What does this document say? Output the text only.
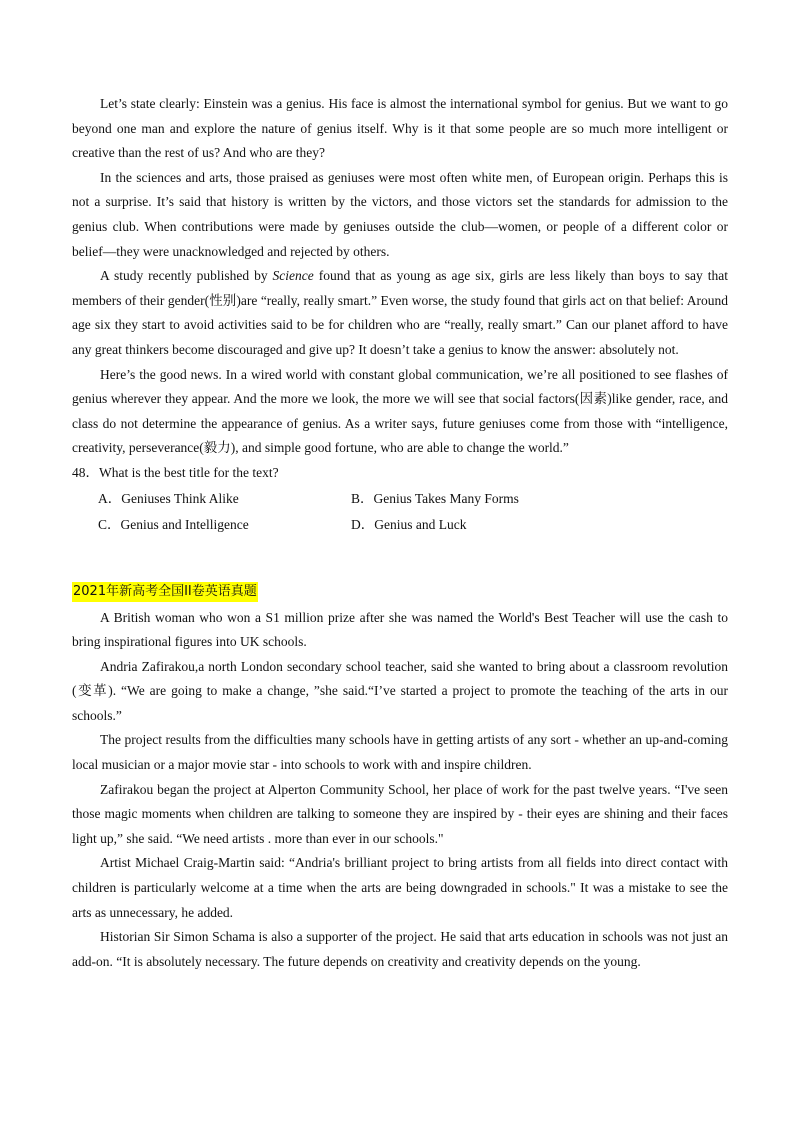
Let’s state clearly: Einstein was a genius. His face is almost the international symbol for genius. But we want to go beyond one man and explore the nature of genius itself. Why is it that some people are so much more intelligent or creative than the rest of us? And who are they?

In the sciences and arts, those praised as geniuses were most often white men, of European origin. Perhaps this is not a surprise. It’s said that history is written by the victors, and those victors set the standards for admission to the genius club. When contributions were made by geniuses outside the club—women, or people of a different color or belief—they were unacknowledged and rejected by others.

A study recently published by Science found that as young as age six, girls are less likely than boys to say that members of their gender(性别)are “really, really smart.” Even worse, the study found that girls act on that belief: Around age six they start to avoid activities said to be for children who are “really, really smart.” Can our planet afford to have any great thinkers become discouraged and give up? It doesn’t take a genius to know the answer: absolutely not.

Here’s the good news. In a wired world with constant global communication, we’re all positioned to see flashes of genius wherever they appear. And the more we look, the more we will see that social factors(因素)like gender, race, and class do not determine the appearance of genius. As a writer says, future geniuses come from those with “intelligence, creativity, perseverance(毅力), and simple good fortune, who are able to change the world.”

48．What is the best title for the text?

A．Geniuses Think Alike	B．Genius Takes Many Forms
C．Genius and Intelligence	D．Genius and Luck
2021年新高考全国II卷英语真题

A British woman who won a S1 million prize after she was named the World's Best Teacher will use the cash to bring inspirational figures into UK schools.

Andria Zafirakou,a north London secondary school teacher, said she wanted to bring about a classroom revolution (变革). “We are going to make a change, ”she said.“I’ve started a project to promote the teaching of the arts in our schools.”

The project results from the difficulties many schools have in getting artists of any sort - whether an up-and-coming local musician or a major movie star - into schools to work with and inspire children.

Zafirakou began the project at Alperton Community School, her place of work for the past twelve years. “I've seen those magic moments when children are talking to someone they are inspired by - their eyes are shining and their faces light up,” she said. “We need artists . more than ever in our schools."

Artist Michael Craig-Martin said: “Andria's brilliant project to bring artists from all fields into direct contact with children is particularly welcome at a time when the arts are being downgraded in schools." It was a mistake to see the arts as unnecessary, he added.

Historian Sir Simon Schama is also a supporter of the project. He said that arts education in schools was not just an add-on. “It is absolutely necessary. The future depends on creativity and creativity depends on the young.
